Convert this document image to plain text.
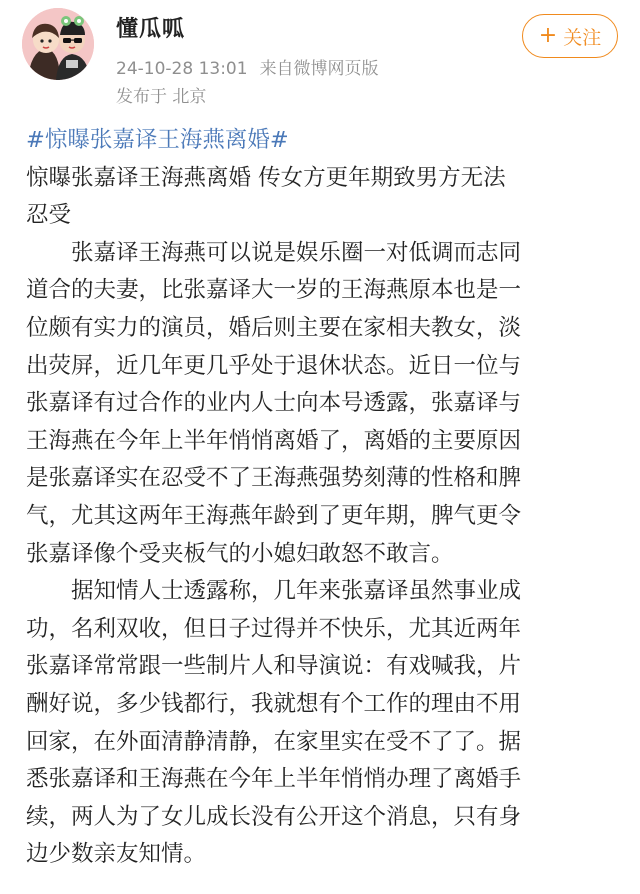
懂瓜呱
24-10-28 13:01 来自微博网页版
发布于 北京
+ 关注
#惊曝张嘉译王海燕离婚#
惊曝张嘉译王海燕离婚 传女方更年期致男方无法
忍受
张嘉译王海燕可以说是娱乐圈一对低调而志同
道合的夫妻，比张嘉译大一岁的王海燕原本也是一
位颇有实力的演员，婚后则主要在家相夫教女，淡
出荧屏，近几年更几乎处于退休状态。近日一位与
张嘉译有过合作的业内人士向本号透露，张嘉译与
王海燕在今年上半年悄悄离婚了，离婚的主要原因
是张嘉译实在忍受不了王海燕强势刻薄的性格和脾
气，尤其这两年王海燕年龄到了更年期，脾气更令
张嘉译像个受夹板气的小媳妇敢怒不敢言。
据知情人士透露称，几年来张嘉译虽然事业成
功，名利双收，但日子过得并不快乐，尤其近两年
张嘉译常常跟一些制片人和导演说：有戏喊我，片
酬好说，多少钱都行，我就想有个工作的理由不用
回家，在外面清静清静，在家里实在受不了了。据
悉张嘉译和王海燕在今年上半年悄悄办理了离婚手
续，两人为了女儿成长没有公开这个消息，只有身
边少数亲友知情。
